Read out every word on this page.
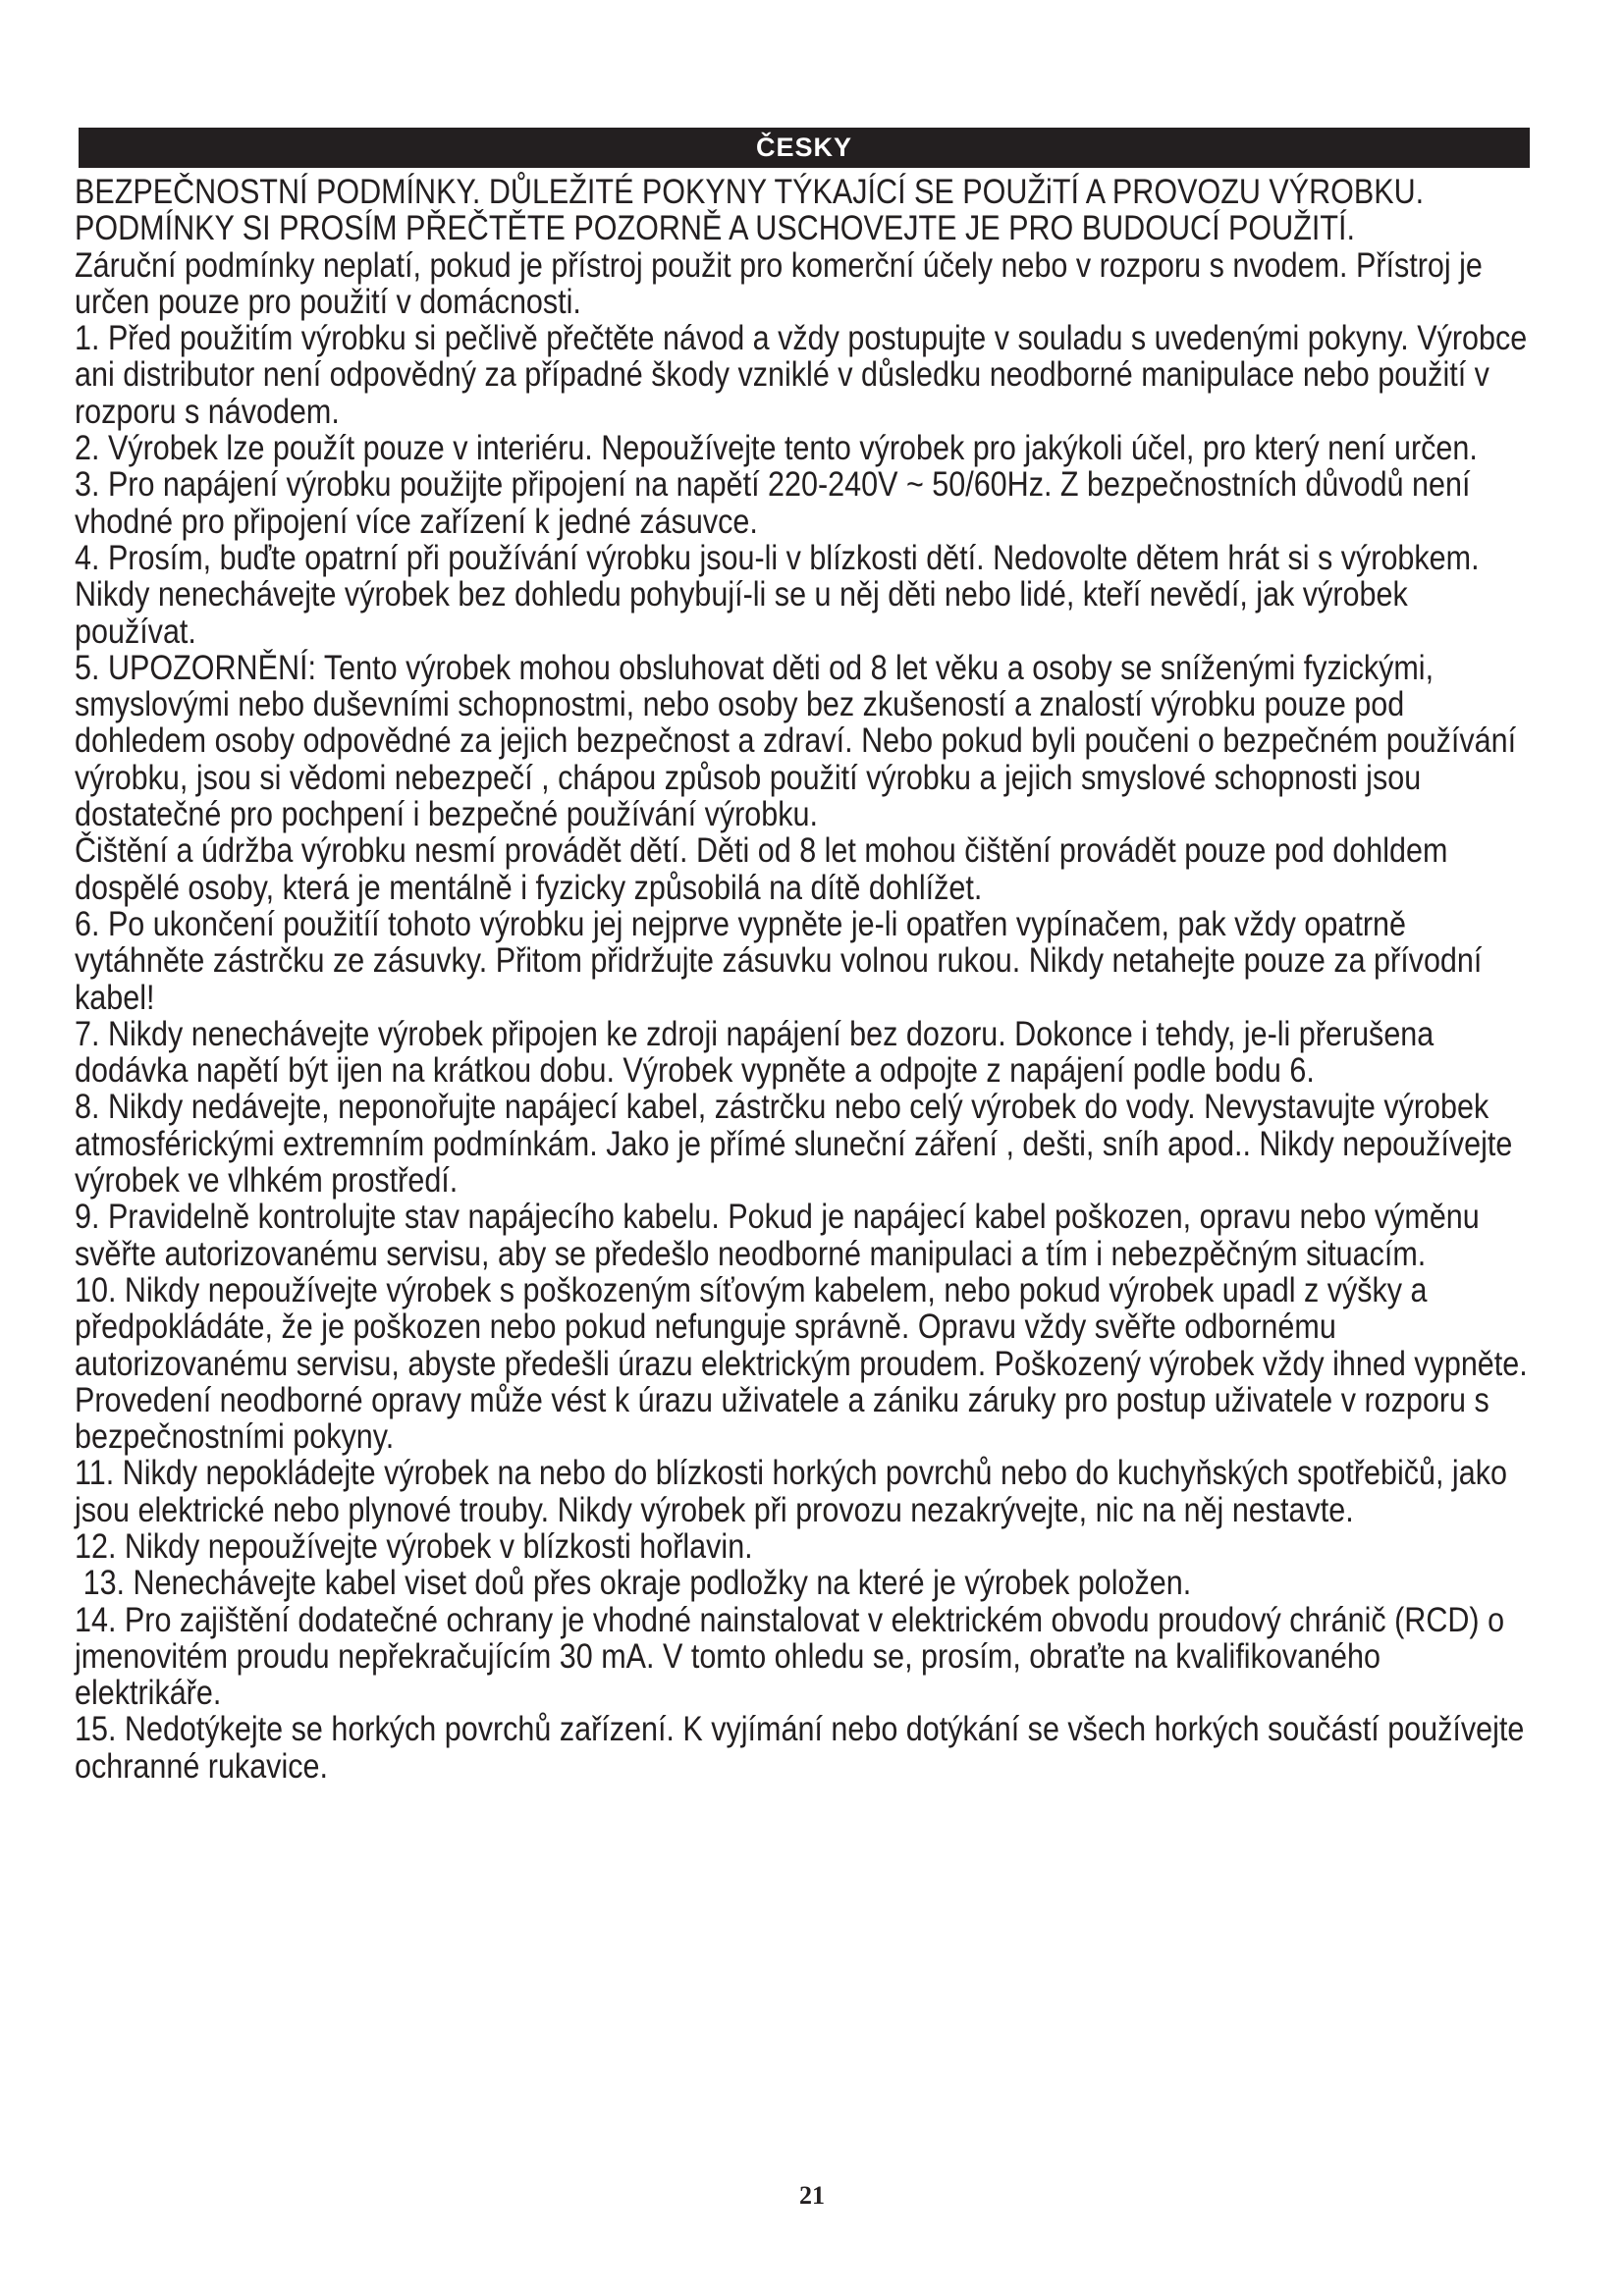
ČESKY

BEZPEČNOSTNÍ PODMÍNKY. DŮLEŽITÉ POKYNY TÝKAJÍCÍ SE POUŽiTÍ A PROVOZU VÝROBKU. PODMÍNKY SI PROSÍM PŘEČTĚTE POZORNĚ A USCHOVEJTE JE PRO BUDOUCÍ POUŽITÍ.

Záruční podmínky neplatí, pokud je přístroj použit pro komerční účely nebo v rozporu s nvodem. Přístroj je určen pouze pro použití v domácnosti.

1. Před použitím výrobku si pečlivě přečtěte návod a vždy postupujte v souladu s uvedenými pokyny. Výrobce ani distributor není odpovědný za případné škody vzniklé v důsledku neodborné manipulace nebo použití v rozporu s návodem.

2. Výrobek lze použít pouze v interiéru. Nepoužívejte tento výrobek pro jakýkoli účel, pro který není určen.

3. Pro napájení výrobku použijte připojení na napětí 220-240V ~ 50/60Hz. Z bezpečnostních důvodů není vhodné pro připojení více zařízení k jedné zásuvce.

4. Prosím, buďte opatrní při používání výrobku jsou-li v blízkosti dětí. Nedovolte dětem hrát si s výrobkem. Nikdy nenechávejte výrobek bez dohledu pohybují-li se u něj děti nebo lidé, kteří nevědí, jak výrobek používat.

5. UPOZORNĚNÍ: Tento výrobek mohou obsluhovat děti od 8 let věku a osoby se sníženými fyzickými, smyslovými nebo duševními schopnostmi, nebo osoby bez zkušeností a znalostí výrobku pouze pod dohledem osoby odpovědné za jejich bezpečnost a zdraví. Nebo pokud byli poučeni o bezpečném používání výrobku, jsou si vědomi nebezpečí , chápou způsob použití výrobku a jejich smyslové schopnosti jsou dostatečné pro pochpení i bezpečné používání výrobku.

Čištění a údržba výrobku nesmí provádět dětí. Děti od 8 let mohou čištění provádět pouze pod dohldem dospělé osoby, která je mentálně i fyzicky způsobilá na dítě dohlížet.

6. Po ukončení použitíí tohoto výrobku jej nejprve vypněte je-li opatřen vypínačem, pak vždy opatrně vytáhněte zástrčku ze zásuvky. Přitom přidržujte zásuvku volnou rukou. Nikdy netahejte pouze za přívodní kabel!

7. Nikdy nenechávejte výrobek připojen ke zdroji napájení bez dozoru. Dokonce i tehdy, je-li přerušena dodávka napětí být ijen na krátkou dobu. Výrobek vypněte a odpojte z napájení podle bodu 6.

8. Nikdy nedávejte, neponořujte napájecí kabel, zástrčku nebo celý výrobek do vody. Nevystavujte výrobek atmosférickými extremním podmínkám. Jako je přímé sluneční záření , dešti, sníh apod.. Nikdy nepoužívejte výrobek ve vlhkém prostředí.

9. Pravidelně kontrolujte stav napájecího kabelu. Pokud je napájecí kabel poškozen, opravu nebo výměnu svěřte autorizovanému servisu, aby se předešlo neodborné manipulaci a tím i nebezpěčným situacím.

10. Nikdy nepoužívejte výrobek s poškozeným síťovým kabelem, nebo pokud výrobek upadl z výšky a předpokládáte, že je poškozen nebo pokud nefunguje správně. Opravu vždy svěřte odbornému autorizovanému servisu, abyste předešli úrazu elektrickým proudem. Poškozený výrobek vždy ihned vypněte. Provedení neodborné opravy může vést k úrazu uživatele a zániku záruky pro postup uživatele v rozporu s bezpečnostními pokyny.

11. Nikdy nepokládejte výrobek na nebo do blízkosti horkých povrchů nebo do kuchyňských spotřebičů, jako jsou elektrické nebo plynové trouby. Nikdy výrobek při provozu nezakrývejte, nic na něj nestavte.

12. Nikdy nepoužívejte výrobek v blízkosti hořlavin.

13. Nenechávejte kabel viset doů přes okraje podložky na které je výrobek položen.

14. Pro zajištění dodatečné ochrany je vhodné nainstalovat v elektrickém obvodu proudový chránič (RCD) o jmenovitém proudu nepřekračujícím 30 mA. V tomto ohledu se, prosím, obraťte na kvalifikovaného elektrikáře.

15. Nedotýkejte se horkých povrchů zařízení. K vyjímání nebo dotýkání se všech horkých součástí používejte ochranné rukavice.

21
